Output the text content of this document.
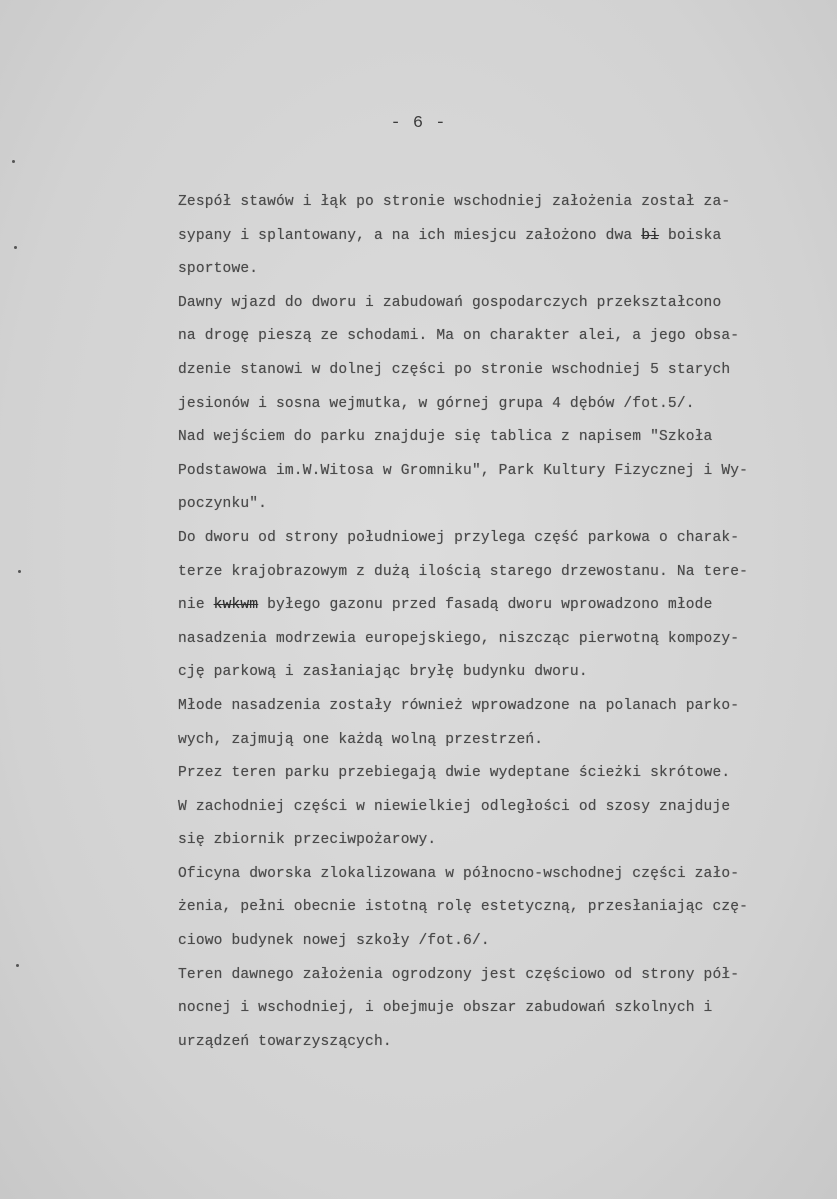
- 6 -
Zespół stawów i łąk po stronie wschodniej założenia został za-
sypany i splantowany, a na ich miesjcu założono dwa bi boiska
sportowe.
Dawny wjazd do dworu i zabudowań gospodarczych przekształcono
na drogę pieszą ze schodami. Ma on charakter alei, a jego obsa-
dzenie stanowi w dolnej części po stronie wschodniej 5 starych
jesionów i sosna wejmutka, w górnej grupa 4 dębów /fot.5/.
Nad wejściem do parku znajduje się tablica z napisem "Szkoła
Podstawowa im.W.Witosa w Gromniku", Park Kultury Fizycznej i Wy-
poczynku".
Do dworu od strony południowej przylega część parkowa o charak-
terze krajobrazowym z dużą ilością starego drzewostanu. Na tere-
nie kwkwm byłego gazonu przed fasadą dworu wprowadzono młode
nasadzenia modrzewia europejskiego, niszcząc pierwotną kompozy-
cję parkową i zasłaniając bryłę budynku dworu.
Młode nasadzenia zostały również wprowadzone na polanach parko-
wych, zajmują one każdą wolną przestrzeń.
Przez teren parku przebiegają dwie wydeptane ścieżki skrótowe.
W zachodniej części w niewielkiej odległości od szosy znajduje
się zbiornik przeciwpożarowy.
Oficyna dworska zlokalizowana w północno-wschodnej części zało-
żenia, pełni obecnie istotną rolę estetyczną, przesłaniając czę-
ciowo budynek nowej szkoły /fot.6/.
Teren dawnego założenia ogrodzony jest częściowo od strony pół-
nocnej i wschodniej, i obejmuje obszar zabudowań szkolnych i
urządzeń towarzyszących.
